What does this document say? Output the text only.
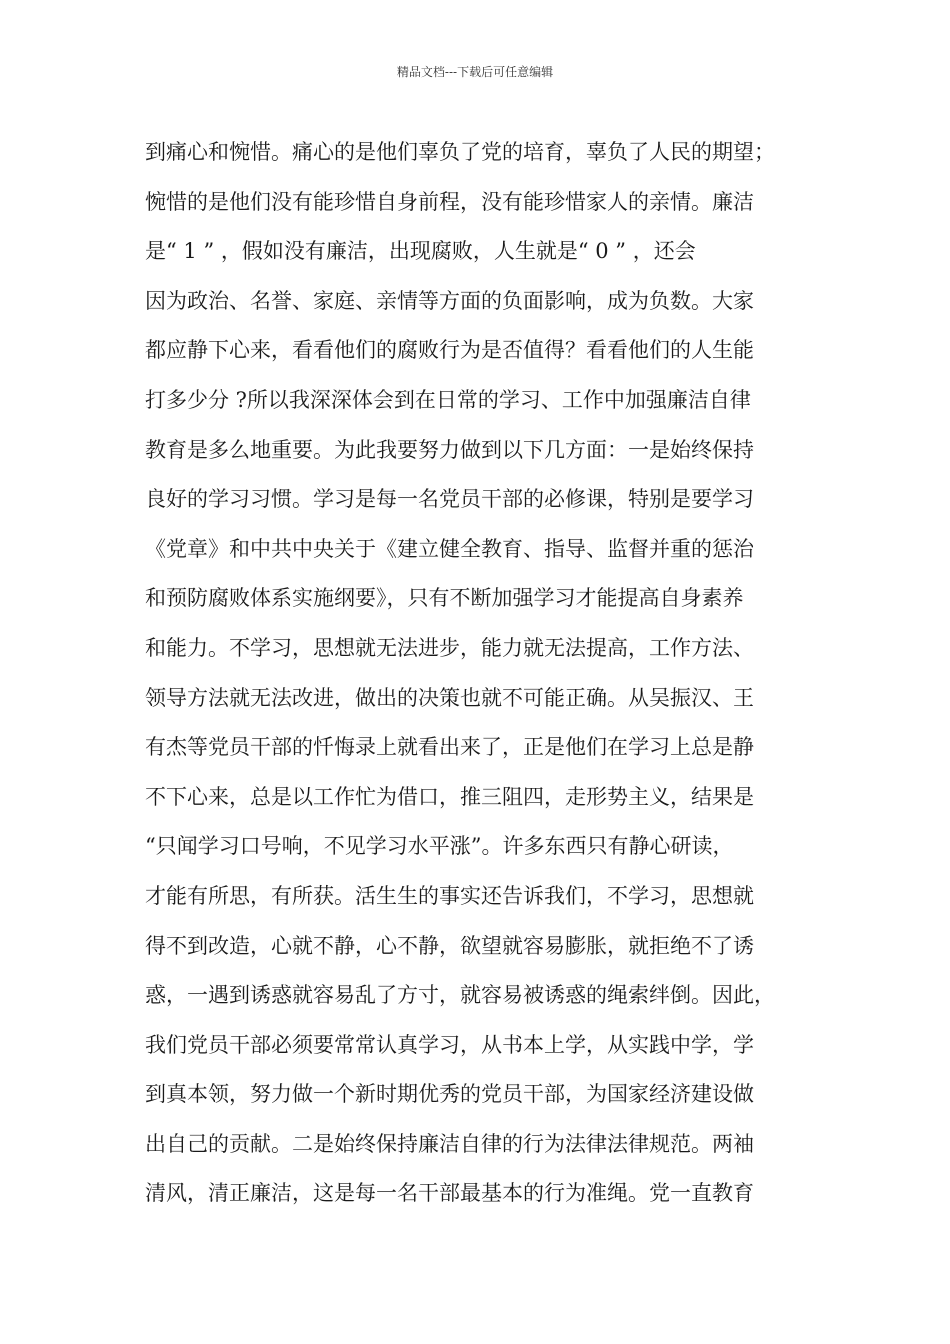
精品文档---下载后可任意编辑
到痛心和惋惜。痛心的是他们辜负了党的培育，辜负了人民的期望；
惋惜的是他们没有能珍惜自身前程，没有能珍惜家人的亲情。廉洁
是“ 1 ” ，假如没有廉洁，出现腐败，人生就是“ 0 ” ，还会
因为政治、名誉、家庭、亲情等方面的负面影响，成为负数。大家
都应静下心来，看看他们的腐败行为是否值得？看看他们的人生能
打多少分 ?所以我深深体会到在日常的学习、工作中加强廉洁自律
教育是多么地重要。为此我要努力做到以下几方面：一是始终保持
良好的学习习惯。学习是每一名党员干部的必修课，特别是要学习
《党章》和中共中央关于《建立健全教育、指导、监督并重的惩治
和预防腐败体系实施纲要》，只有不断加强学习才能提高自身素养
和能力。不学习，思想就无法进步，能力就无法提高，工作方法、
领导方法就无法改进，做出的决策也就不可能正确。从吴振汉、王
有杰等党员干部的忏悔录上就看出来了，正是他们在学习上总是静
不下心来，总是以工作忙为借口，推三阻四，走形势主义，结果是
“只闻学习口号响，不见学习水平涨”。许多东西只有静心研读，
才能有所思，有所获。活生生的事实还告诉我们，不学习，思想就
得不到改造，心就不静，心不静，欲望就容易膨胀，就拒绝不了诱
惑，一遇到诱惑就容易乱了方寸，就容易被诱惑的绳索绊倒。因此，
我们党员干部必须要常常认真学习，从书本上学，从实践中学，学
到真本领，努力做一个新时期优秀的党员干部，为国家经济建设做
出自己的贡献。二是始终保持廉洁自律的行为法律法律规范。两袖
清风，清正廉洁，这是每一名干部最基本的行为准绳。党一直教育
